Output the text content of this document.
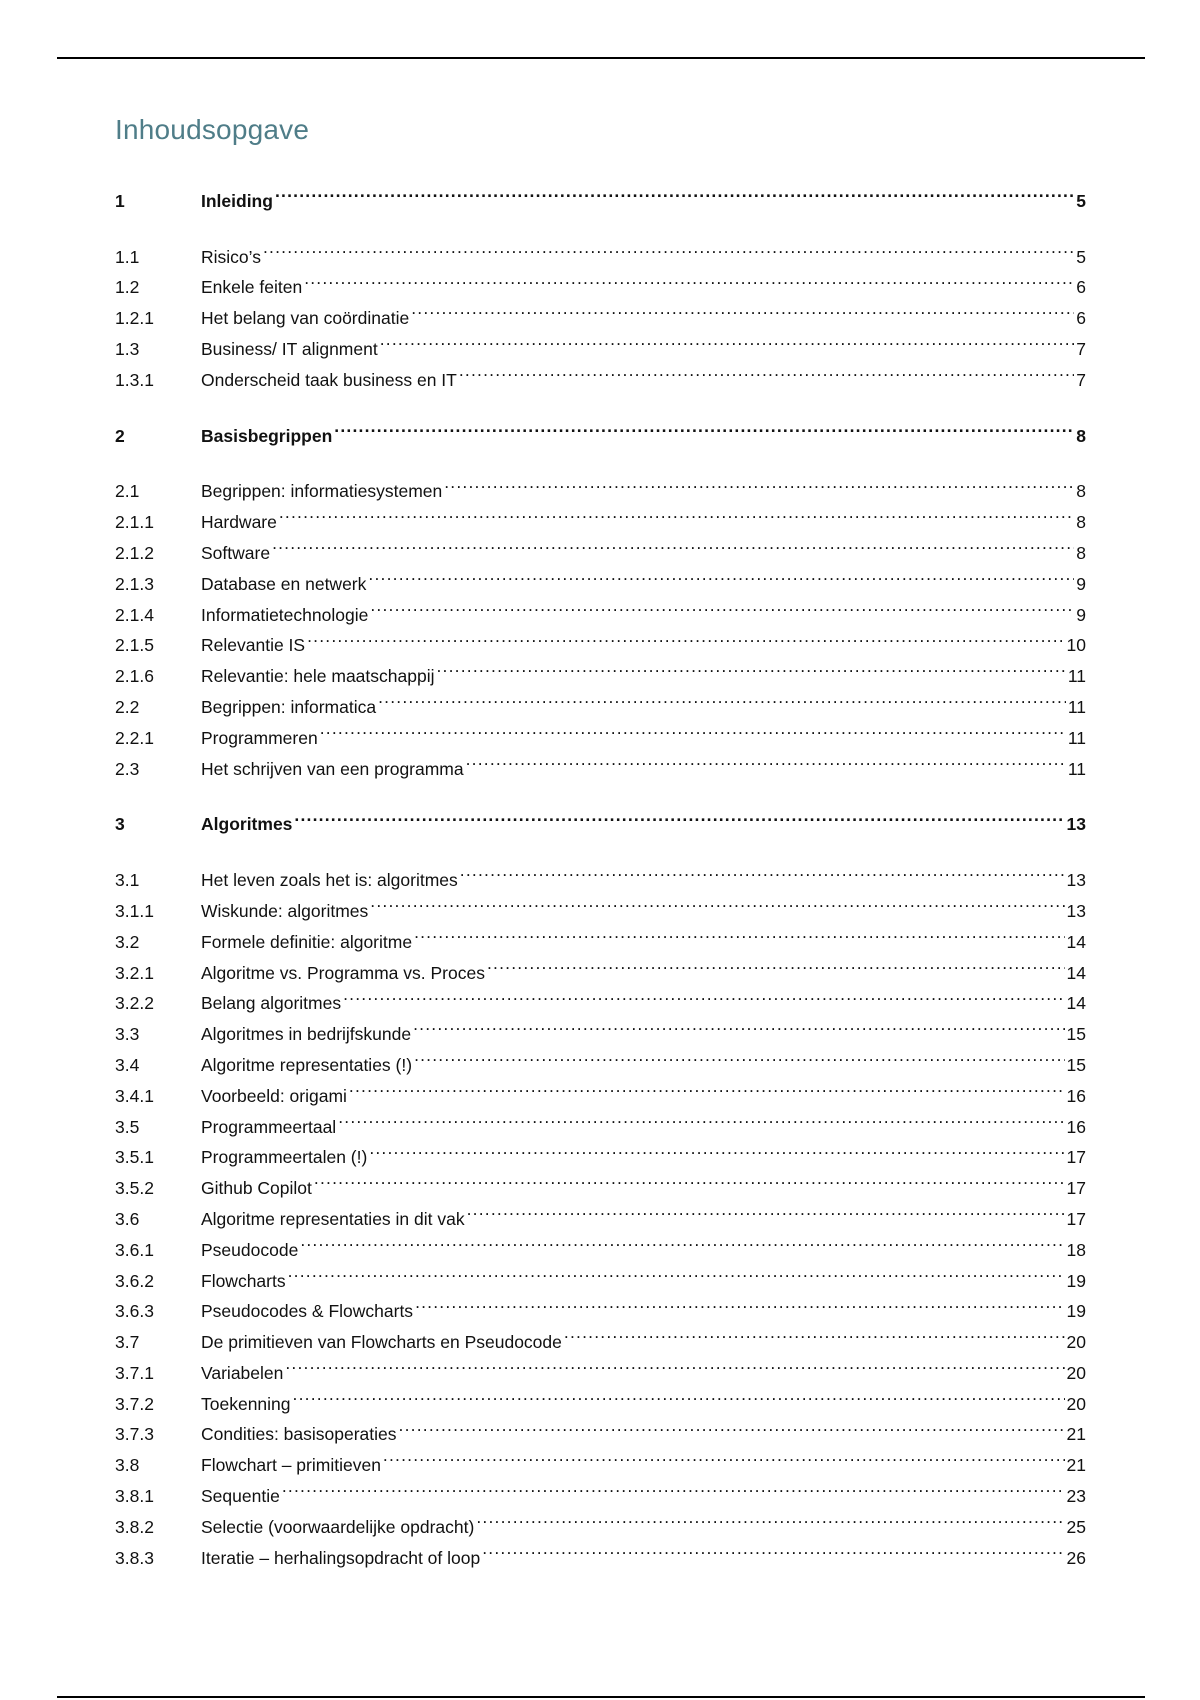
Inhoudsopgave
1	Inleiding .....	5
1.1	Risico’s .....	5
1.2	Enkele feiten .....	6
1.2.1	Het belang van coördinatie .....	6
1.3	Business/ IT alignment .....	7
1.3.1	Onderscheid taak business en IT .....	7
2	Basisbegrippen .....	8
2.1	Begrippen: informatiesystemen .....	8
2.1.1	Hardware .....	8
2.1.2	Software .....	8
2.1.3	Database en netwerk .....	9
2.1.4	Informatietechnologie .....	9
2.1.5	Relevantie IS .....	10
2.1.6	Relevantie: hele maatschappij .....	11
2.2	Begrippen: informatica .....	11
2.2.1	Programmeren .....	11
2.3	Het schrijven van een programma .....	11
3	Algoritmes .....	13
3.1	Het leven zoals het is: algoritmes .....	13
3.1.1	Wiskunde: algoritmes .....	13
3.2	Formele definitie: algoritme .....	14
3.2.1	Algoritme vs. Programma vs. Proces .....	14
3.2.2	Belang algoritmes .....	14
3.3	Algoritmes in bedrijfskunde .....	15
3.4	Algoritme representaties (!) .....	15
3.4.1	Voorbeeld: origami .....	16
3.5	Programmeertaal .....	16
3.5.1	Programmeertalen (!) .....	17
3.5.2	Github Copilot .....	17
3.6	Algoritme representaties in dit vak .....	17
3.6.1	Pseudocode .....	18
3.6.2	Flowcharts .....	19
3.6.3	Pseudocodes & Flowcharts .....	19
3.7	De primitieven van Flowcharts en Pseudocode .....	20
3.7.1	Variabelen .....	20
3.7.2	Toekenning .....	20
3.7.3	Condities: basisoperaties .....	21
3.8	Flowchart – primitieven .....	21
3.8.1	Sequentie .....	23
3.8.2	Selectie (voorwaardelijke opdracht) .....	25
3.8.3	Iteratie – herhalingsopdracht of loop .....	26
